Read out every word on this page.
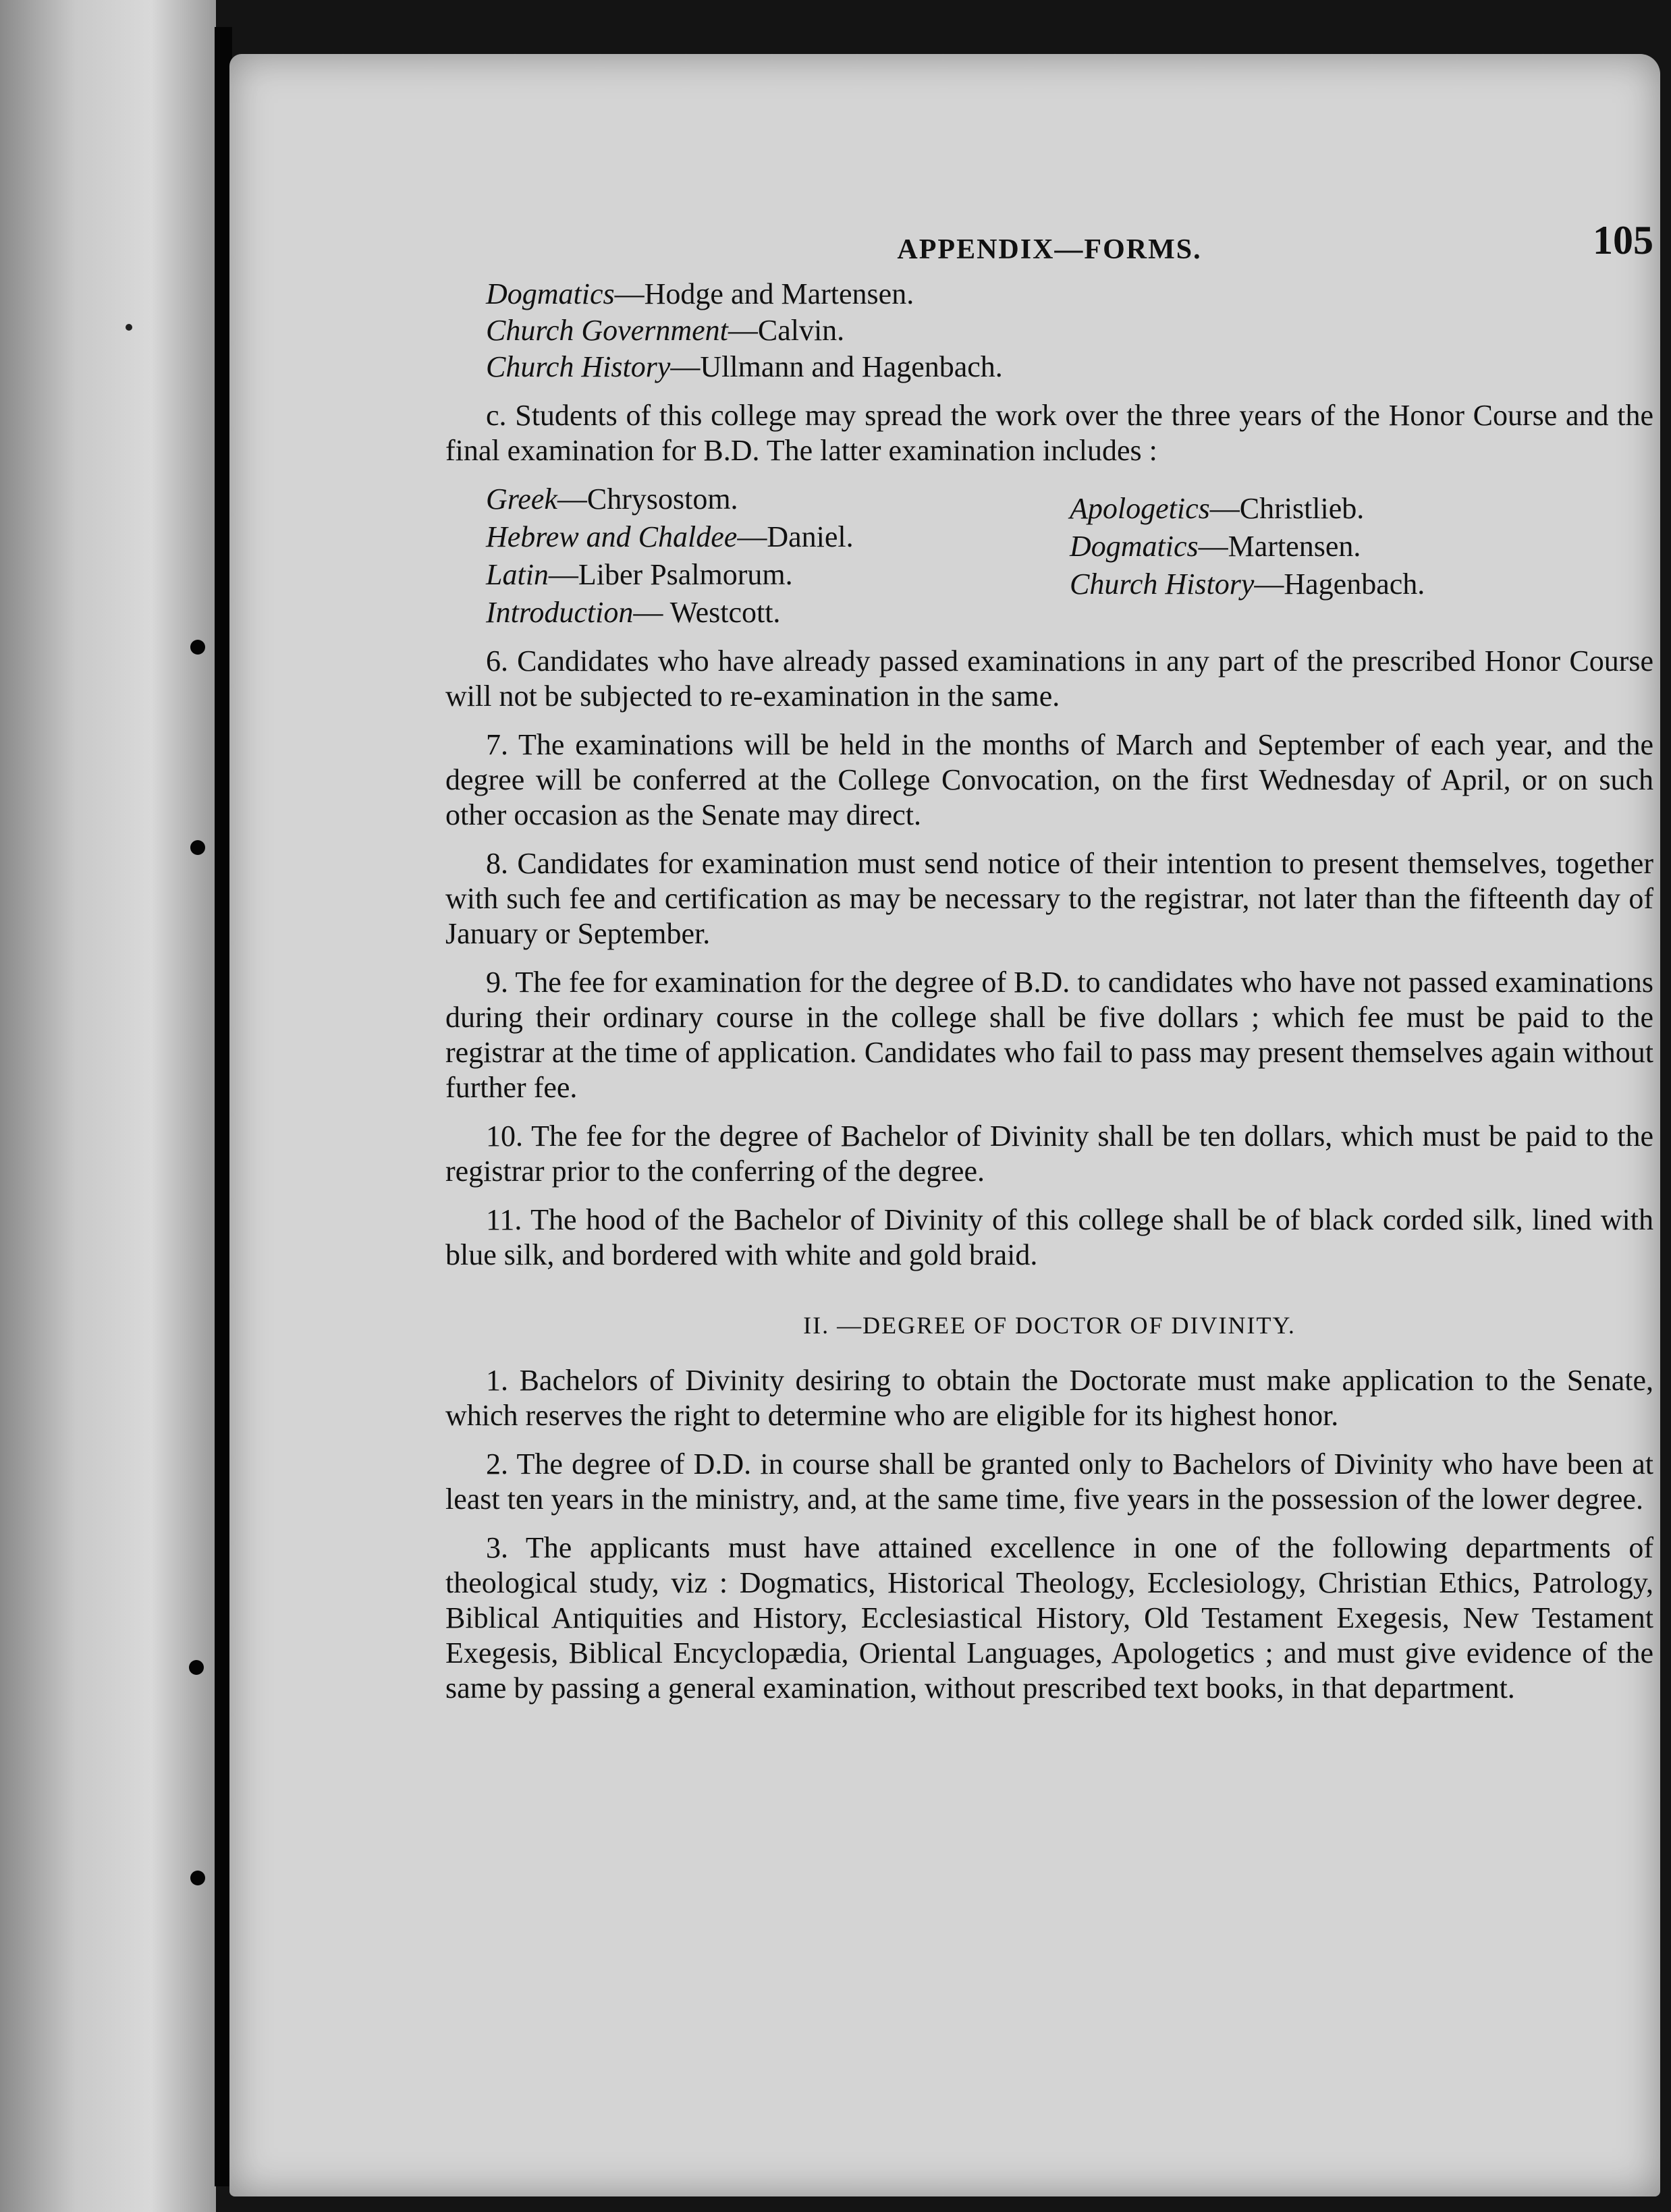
APPENDIX—FORMS.	105
Dogmatics—Hodge and Martensen.
Church Government—Calvin.
Church History—Ullmann and Hagenbach.

c. Students of this college may spread the work over the three years of the Honor Course and the final examination for B.D. The latter examination includes :

Greek—Chrysostom.
Hebrew and Chaldee—Daniel.
Latin—Liber Psalmorum.
Introduction— Westcott.
Apologetics—Christlieb.
Dogmatics—Martensen.
Church History—Hagenbach.

6. Candidates who have already passed examinations in any part of the prescribed Honor Course will not be subjected to re-examination in the same.

7. The examinations will be held in the months of March and September of each year, and the degree will be conferred at the College Convocation, on the first Wednesday of April, or on such other occasion as the Senate may direct.

8. Candidates for examination must send notice of their intention to present themselves, together with such fee and certification as may be necessary to the registrar, not later than the fifteenth day of January or September.

9. The fee for examination for the degree of B.D. to candidates who have not passed examinations during their ordinary course in the college shall be five dollars ; which fee must be paid to the registrar at the time of application. Candidates who fail to pass may present themselves again without further fee.

10. The fee for the degree of Bachelor of Divinity shall be ten dollars, which must be paid to the registrar prior to the conferring of the degree.

11. The hood of the Bachelor of Divinity of this college shall be of black corded silk, lined with blue silk, and bordered with white and gold braid.

II. —DEGREE OF DOCTOR OF DIVINITY.

1. Bachelors of Divinity desiring to obtain the Doctorate must make application to the Senate, which reserves the right to determine who are eligible for its highest honor.

2. The degree of D.D. in course shall be granted only to Bachelors of Divinity who have been at least ten years in the ministry, and, at the same time, five years in the possession of the lower degree.

3. The applicants must have attained excellence in one of the following departments of theological study, viz : Dogmatics, Historical Theology, Ecclesiology, Christian Ethics, Patrology, Biblical Antiquities and History, Ecclesiastical History, Old Testament Exegesis, New Testament Exegesis, Biblical Encyclopædia, Oriental Languages, Apologetics ; and must give evidence of the same by passing a general examination, without prescribed text books, in that department.
